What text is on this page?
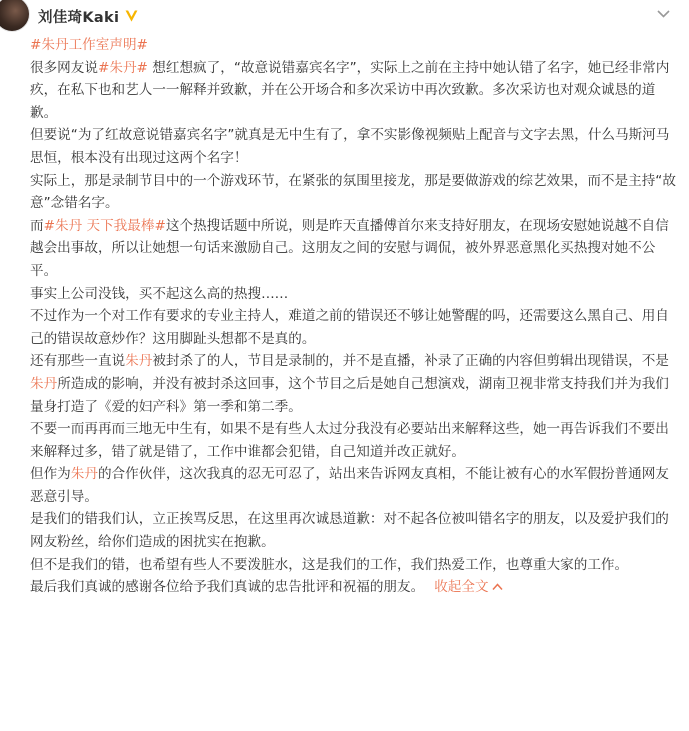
刘佳琦Kaki

#朱丹工作室声明#

很多网友说#朱丹# 想红想疯了，“故意说错嘉宾名字”，实际上之前在主持中她认错了名字，她已经非常内疚，在私下也和艺人一一解释并致歉，并在公开场合和多次采访中再次致歉。多次采访也对观众诚恳的道歉。

但要说“为了红故意说错嘉宾名字”就真是无中生有了，拿不实影像视频贴上配音与文字去黑，什么马斯河马思恒，根本没有出现过这两个名字！

实际上，那是录制节目中的一个游戏环节，在紧张的氛围里接龙，那是要做游戏的综艺效果，而不是主持“故意”念错名字。

而#朱丹 天下我最棒#这个热搜话题中所说，则是昨天直播傅首尔来支持好朋友，在现场安慰她说越不自信越会出事故，所以让她想一句话来激励自己。这朋友之间的安慰与调侃，被外界恶意黑化买热搜对她不公平。

事实上公司没钱，买不起这么高的热搜……

不过作为一个对工作有要求的专业主持人，难道之前的错误还不够让她警醒的吗，还需要这么黑自己、用自己的错误故意炒作？这用脚趾头想都不是真的。

还有那些一直说朱丹被封杀了的人，节目是录制的，并不是直播，补录了正确的内容但剪辑出现错误，不是朱丹所造成的影响，并没有被封杀这回事，这个节目之后是她自己想演戏，湖南卫视非常支持我们并为我们量身打造了《爱的妇产科》第一季和第二季。

不要一而再再而三地无中生有，如果不是有些人太过分我没有必要站出来解释这些，她一再告诉我们不要出来解释过多，错了就是错了，工作中谁都会犯错，自己知道并改正就好。

但作为朱丹的合作伙伴，这次我真的忍无可忍了，站出来告诉网友真相，不能让被有心的水军假扮普通网友恶意引导。

是我们的错我们认，立正挨骂反思，在这里再次诚恳道歉：对不起各位被叫错名字的朋友，以及爱护我们的网友粉丝，给你们造成的困扰实在抱歉。

但不是我们的错，也希望有些人不要泼脏水，这是我们的工作，我们热爱工作，也尊重大家的工作。

最后我们真诚的感谢各位给予我们真诚的忠告批评和祝福的朋友。 收起全文
